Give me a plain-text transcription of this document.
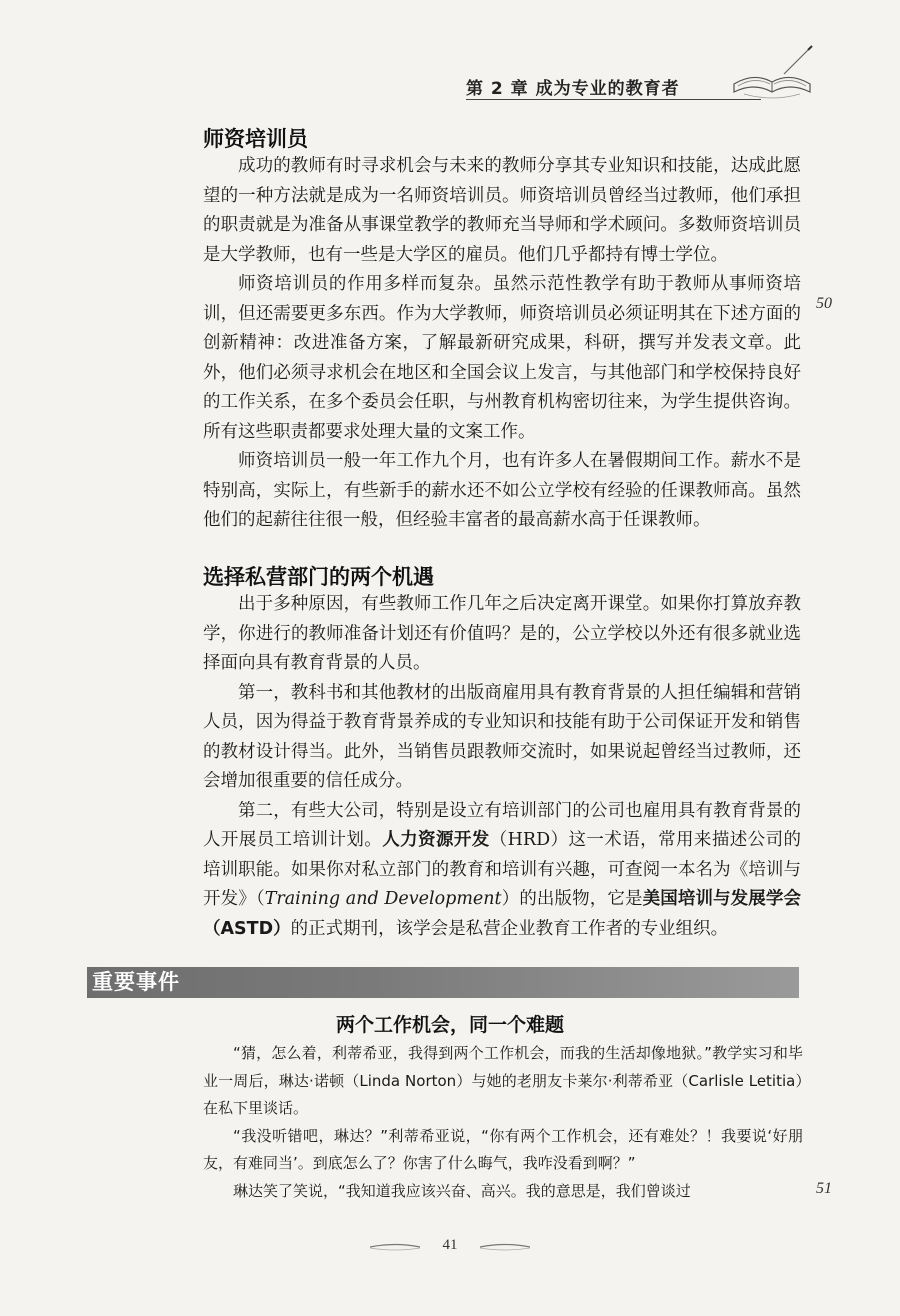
第 2 章 成为专业的教育者
师资培训员

成功的教师有时寻求机会与未来的教师分享其专业知识和技能，达成此愿望的一种方法就是成为一名师资培训员。师资培训员曾经当过教师，他们承担的职责就是为准备从事课堂教学的教师充当导师和学术顾问。多数师资培训员是大学教师，也有一些是大学区的雇员。他们几乎都持有博士学位。

师资培训员的作用多样而复杂。虽然示范性教学有助于教师从事师资培训，但还需要更多东西。作为大学教师，师资培训员必须证明其在下述方面的创新精神：改进准备方案，了解最新研究成果，科研，撰写并发表文章。此外，他们必须寻求机会在地区和全国会议上发言，与其他部门和学校保持良好的工作关系，在多个委员会任职，与州教育机构密切往来，为学生提供咨询。所有这些职责都要求处理大量的文案工作。

师资培训员一般一年工作九个月，也有许多人在暑假期间工作。薪水不是特别高，实际上，有些新手的薪水还不如公立学校有经验的任课教师高。虽然他们的起薪往往很一般，但经验丰富者的最高薪水高于任课教师。

50
选择私营部门的两个机遇

出于多种原因，有些教师工作几年之后决定离开课堂。如果你打算放弃教学，你进行的教师准备计划还有价值吗？是的，公立学校以外还有很多就业选择面向具有教育背景的人员。

第一，教科书和其他教材的出版商雇用具有教育背景的人担任编辑和营销人员，因为得益于教育背景养成的专业知识和技能有助于公司保证开发和销售的教材设计得当。此外，当销售员跟教师交流时，如果说起曾经当过教师，还会增加很重要的信任成分。

第二，有些大公司，特别是设立有培训部门的公司也雇用具有教育背景的人开展员工培训计划。人力资源开发（HRD）这一术语，常用来描述公司的培训职能。如果你对私立部门的教育和培训有兴趣，可查阅一本名为《培训与开发》（Training and Development）的出版物，它是美国培训与发展学会（ASTD）的正式期刊，该学会是私营企业教育工作者的专业组织。

重要事件
两个工作机会，同一个难题

“猜，怎么着，利蒂希亚，我得到两个工作机会，而我的生活却像地狱。”教学实习和毕业一周后，琳达·诺顿（Linda Norton）与她的老朋友卡莱尔·利蒂希亚（Carlisle Letitia）在私下里谈话。

“我没听错吧，琳达？”利蒂希亚说，“你有两个工作机会，还有难处？！我要说‘好朋友，有难同当’。到底怎么了？你害了什么晦气，我咋没看到啊？”

琳达笑了笑说，“我知道我应该兴奋、高兴。我的意思是，我们曾谈过	51
41
